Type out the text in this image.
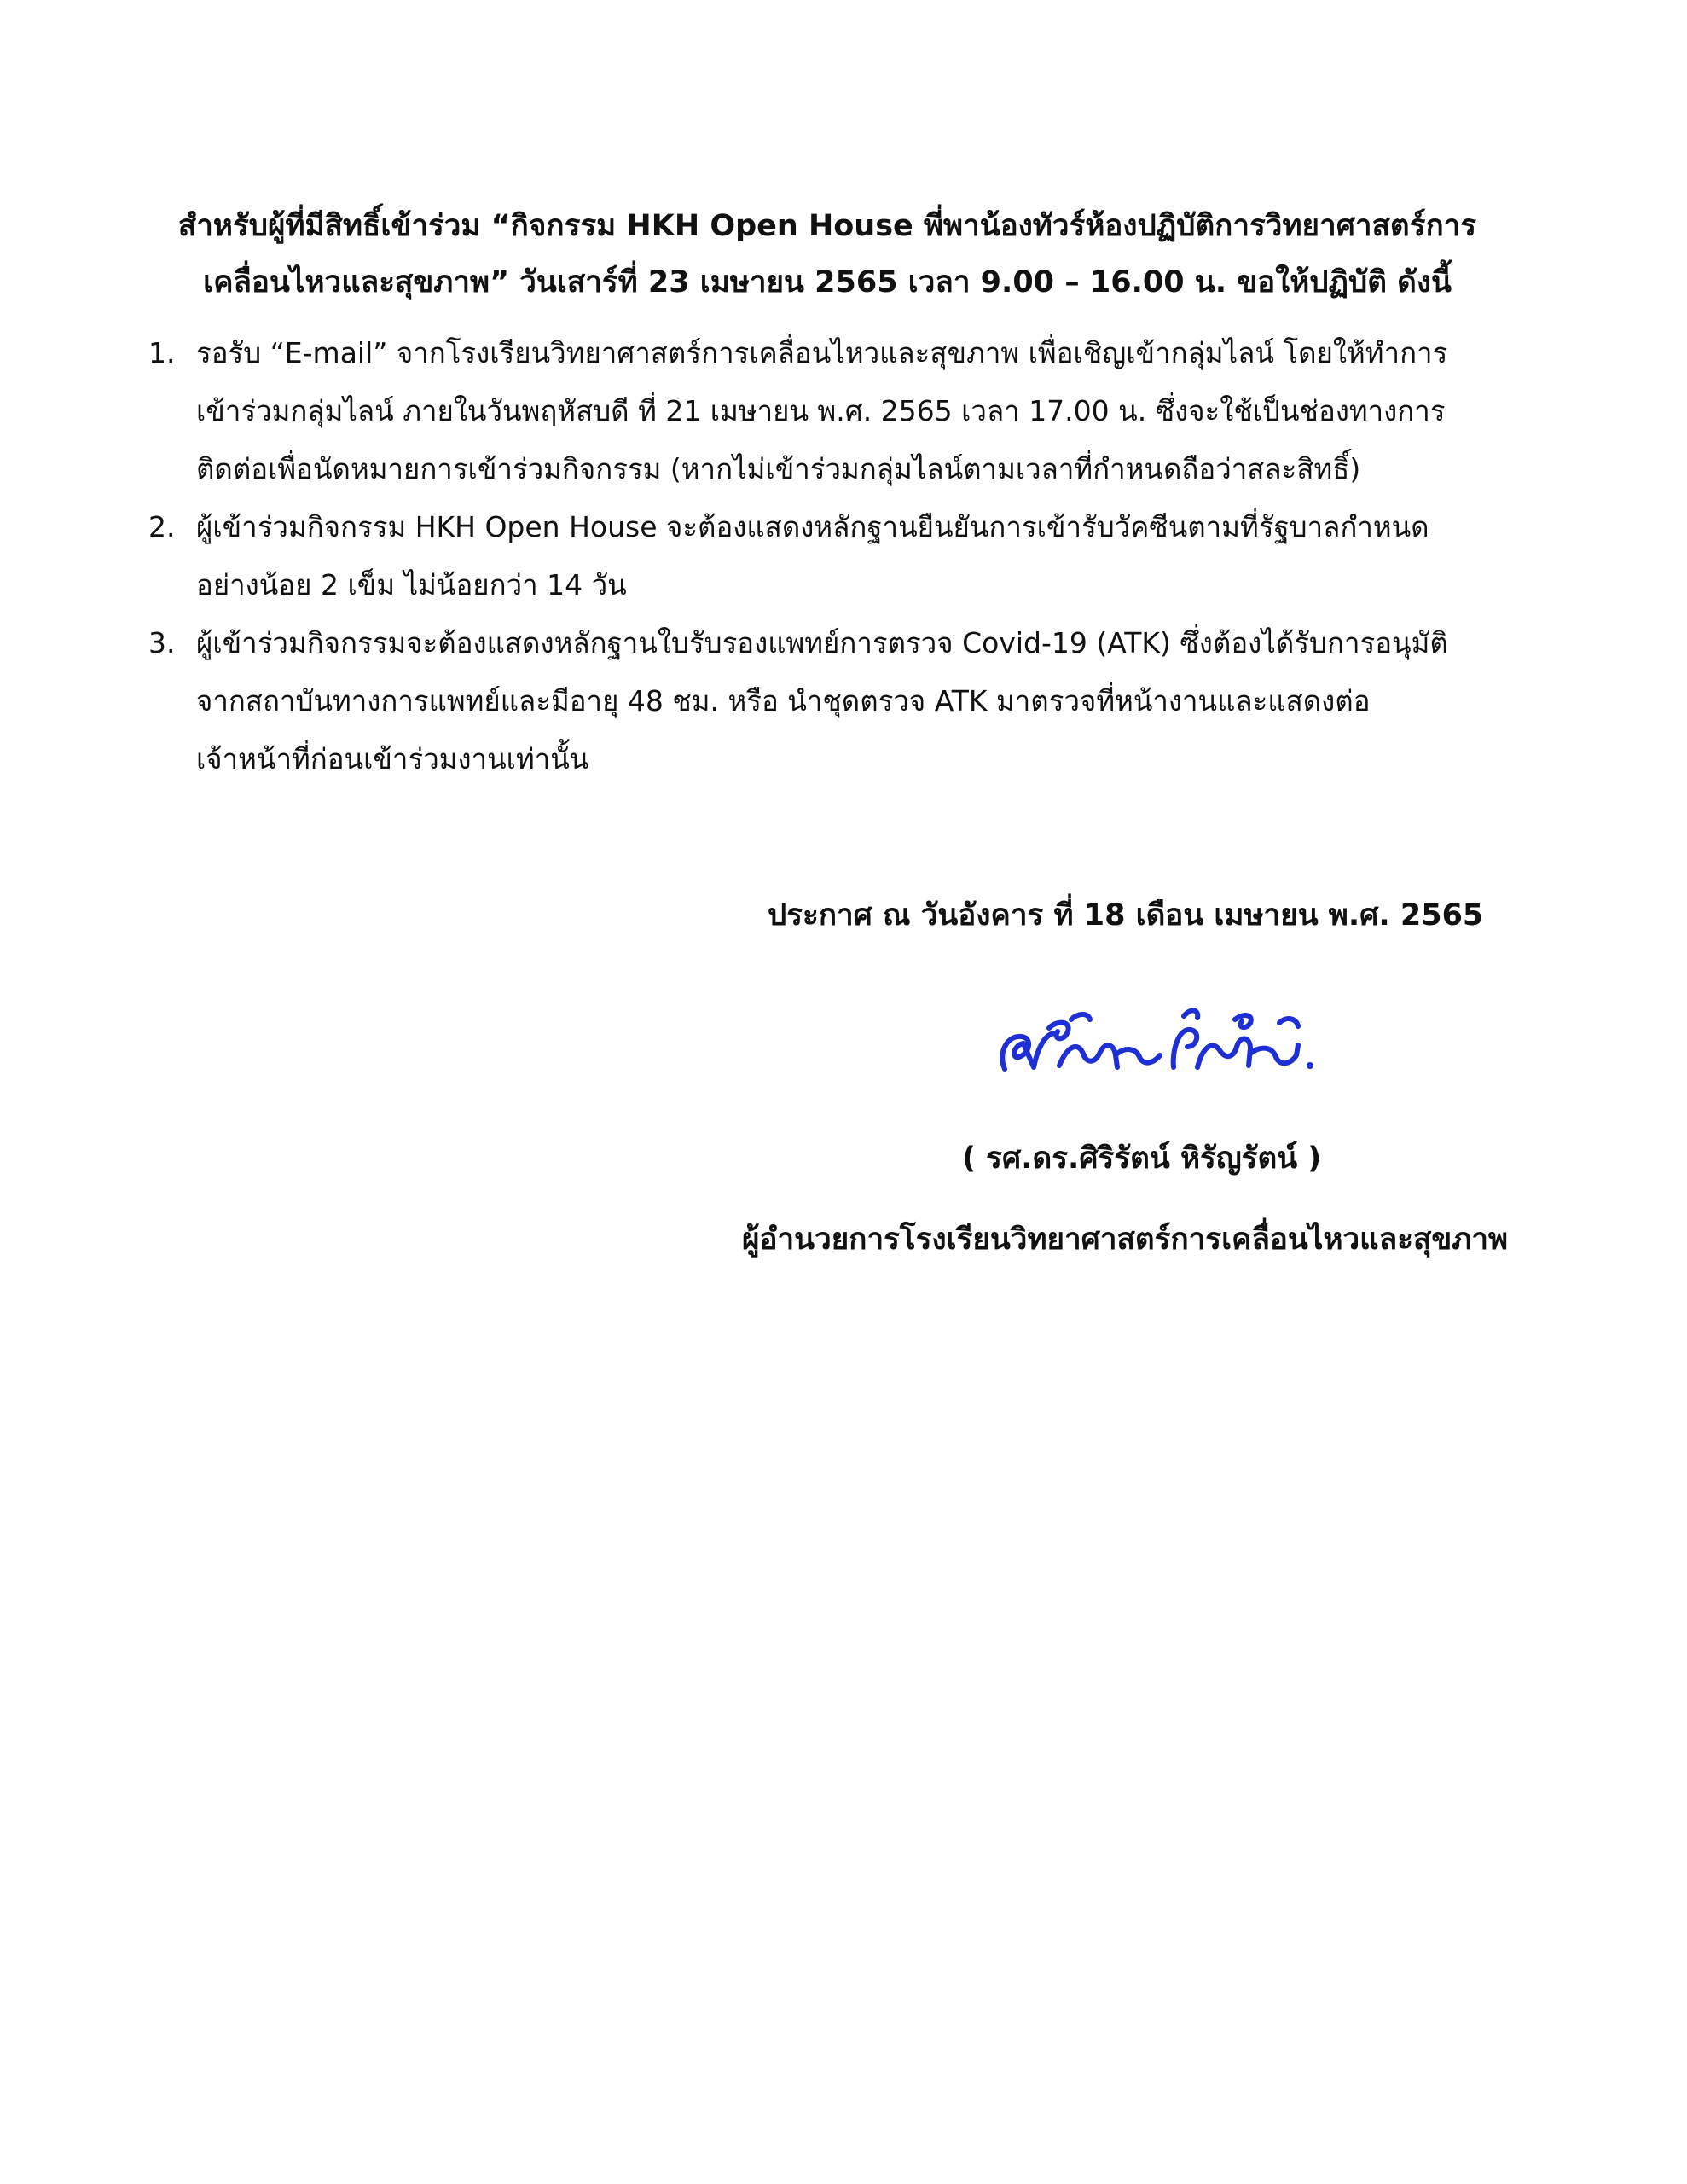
สำหรับผู้ที่มีสิทธิ์เข้าร่วม “กิจกรรม HKH Open House พี่พาน้องทัวร์ห้องปฏิบัติการวิทยาศาสตร์การ
เคลื่อนไหวและสุขภาพ” วันเสาร์ที่ 23 เมษายน 2565 เวลา 9.00 – 16.00 น. ขอให้ปฏิบัติ ดังนี้
1. รอรับ “E-mail” จากโรงเรียนวิทยาศาสตร์การเคลื่อนไหวและสุขภาพ เพื่อเชิญเข้ากลุ่มไลน์ โดยให้ทำการ
เข้าร่วมกลุ่มไลน์ ภายในวันพฤหัสบดี ที่ 21 เมษายน พ.ศ. 2565 เวลา 17.00 น. ซึ่งจะใช้เป็นช่องทางการ
ติดต่อเพื่อนัดหมายการเข้าร่วมกิจกรรม (หากไม่เข้าร่วมกลุ่มไลน์ตามเวลาที่กำหนดถือว่าสละสิทธิ์)
2. ผู้เข้าร่วมกิจกรรม HKH Open House จะต้องแสดงหลักฐานยืนยันการเข้ารับวัคซีนตามที่รัฐบาลกำหนด
อย่างน้อย 2 เข็ม ไม่น้อยกว่า 14 วัน
3. ผู้เข้าร่วมกิจกรรมจะต้องแสดงหลักฐานใบรับรองแพทย์การตรวจ Covid-19 (ATK) ซึ่งต้องได้รับการอนุมัติ
จากสถาบันทางการแพทย์และมีอายุ 48 ชม. หรือ นำชุดตรวจ ATK มาตรวจที่หน้างานและแสดงต่อ
เจ้าหน้าที่ก่อนเข้าร่วมงานเท่านั้น
ประกาศ ณ วันอังคาร ที่ 18 เดือน เมษายน พ.ศ. 2565
( รศ.ดร.ศิริรัตน์ หิรัญรัตน์ )
ผู้อำนวยการโรงเรียนวิทยาศาสตร์การเคลื่อนไหวและสุขภาพ
